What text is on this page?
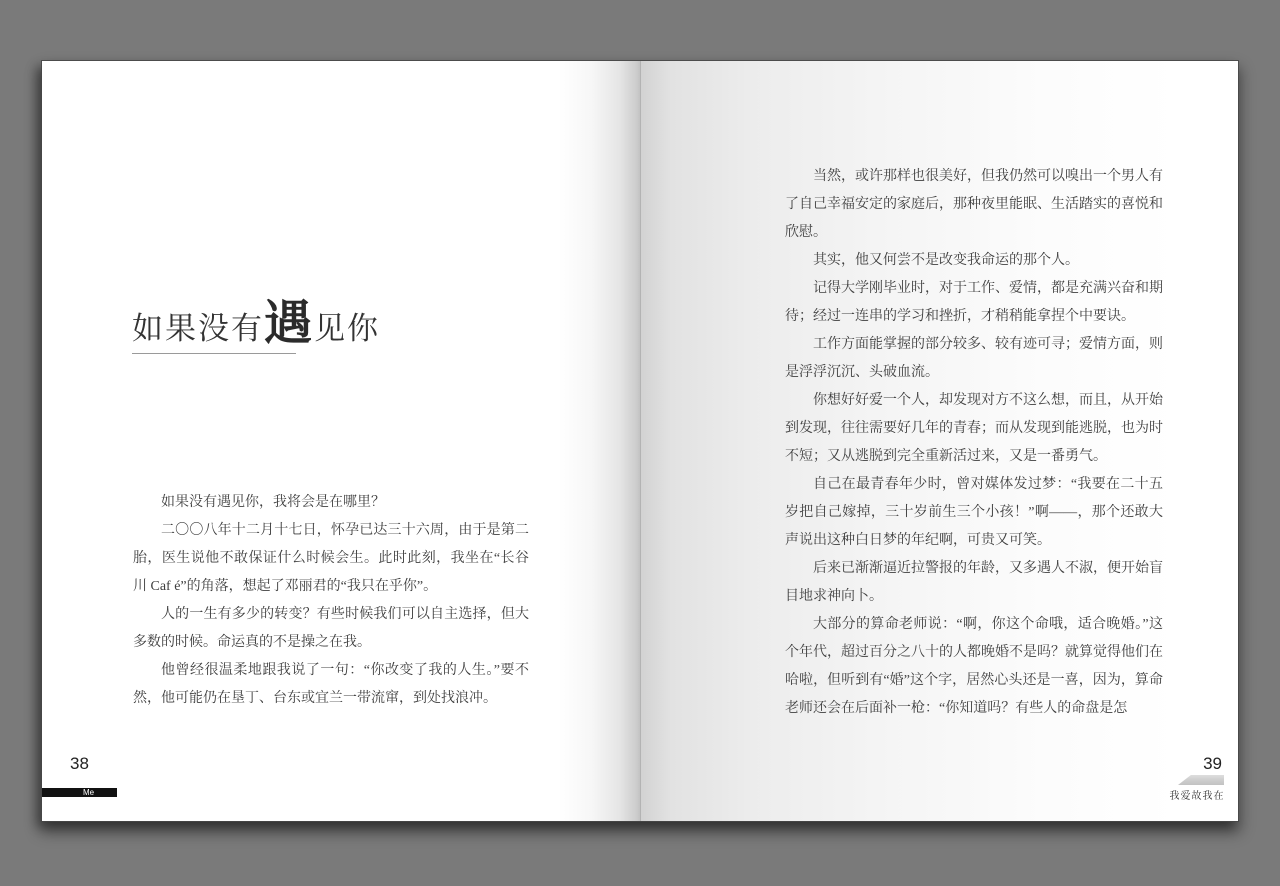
如果没有遇见你

如果没有遇见你，我将会是在哪里？

二〇〇八年十二月十七日，怀孕已达三十六周，由于是第二胎，医生说他不敢保证什么时候会生。此时此刻，我坐在“长谷川 Caf é”的角落，想起了邓丽君的“我只在乎你”。

人的一生有多少的转变？有些时候我们可以自主选择，但大多数的时候。命运真的不是操之在我。

他曾经很温柔地跟我说了一句：“你改变了我的人生。”要不然，他可能仍在垦丁、台东或宜兰一带流窜，到处找浪冲。

38
Me

当然，或许那样也很美好，但我仍然可以嗅出一个男人有了自己幸福安定的家庭后，那种夜里能眠、生活踏实的喜悦和欣慰。

其实，他又何尝不是改变我命运的那个人。

记得大学刚毕业时，对于工作、爱情，都是充满兴奋和期待；经过一连串的学习和挫折，才稍稍能拿捏个中要诀。

工作方面能掌握的部分较多、较有迹可寻；爱情方面，则是浮浮沉沉、头破血流。

你想好好爱一个人，却发现对方不这么想，而且，从开始到发现，往往需要好几年的青春；而从发现到能逃脱，也为时不短；又从逃脱到完全重新活过来，又是一番勇气。

自己在最青春年少时，曾对媒体发过梦：“我要在二十五岁把自己嫁掉，三十岁前生三个小孩！”啊——，那个还敢大声说出这种白日梦的年纪啊，可贵又可笑。

后来已渐渐逼近拉警报的年龄，又多遇人不淑，便开始盲目地求神向卜。

大部分的算命老师说：“啊，你这个命哦，适合晚婚。”这个年代，超过百分之八十的人都晚婚不是吗？就算觉得他们在哈啦，但听到有“婚”这个字，居然心头还是一喜，因为，算命老师还会在后面补一枪：“你知道吗？有些人的命盘是怎

39
我爱故我在
